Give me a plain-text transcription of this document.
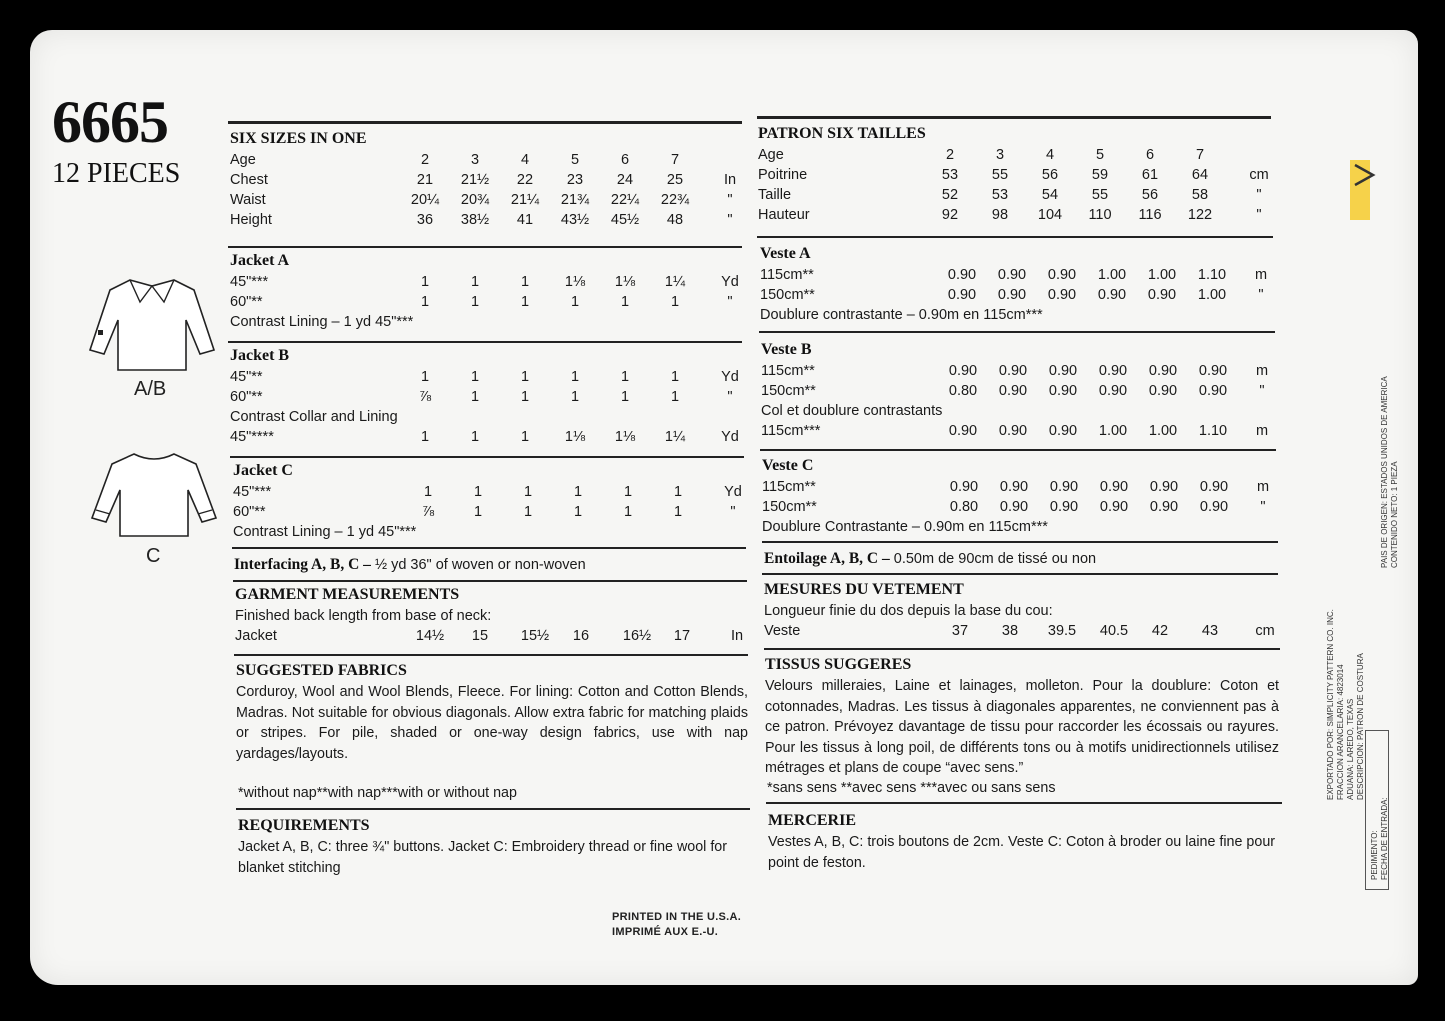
6665
12 PIECES
A/B
C
SIX SIZES IN ONE
Age	2	3	4	5	6	7
Chest	21	21½	22	23	24	25	In
Waist	20¼	20¾	21¼	21¾	22¼	22¾	"
Height	36	38½	41	43½	45½	48	"
Jacket A
45"***	1	1	1	1⅛	1⅛	1¼	Yd
60"**	1	1	1	1	1	1	"
Contrast Lining – 1 yd 45"***
Jacket B
45"**	1	1	1	1	1	1	Yd
60"**	⅞	1	1	1	1	1	"
Contrast Collar and Lining
45"****	1	1	1	1⅛	1⅛	1¼	Yd
Jacket C
45"***	1	1	1	1	1	1	Yd
60"**	⅞	1	1	1	1	1	"
Contrast Lining – 1 yd 45"***
Interfacing A, B, C – ½ yd 36" of woven or non-woven
GARMENT MEASUREMENTS
Finished back length from base of neck:
Jacket	14½	15	15½	16	16½	17	In
SUGGESTED FABRICS
Corduroy, Wool and Wool Blends, Fleece. For lining: Cotton and Cotton Blends, Madras. Not suitable for obvious diagonals. Allow extra fabric for matching plaids or stripes. For pile, shaded or one-way design fabrics, use with nap yardages/layouts.
*without nap**with nap***with or without nap
REQUIREMENTS
Jacket A, B, C: three ¾" buttons. Jacket C: Embroidery thread or fine wool for blanket stitching
PATRON SIX TAILLES
Age	2	3	4	5	6	7
Poitrine	53	55	56	59	61	64	cm
Taille	52	53	54	55	56	58	"
Hauteur	92	98	104	110	116	122	"
Veste A
115cm**	0.90	0.90	0.90	1.00	1.00	1.10	m
150cm**	0.90	0.90	0.90	0.90	0.90	1.00	"
Doublure contrastante – 0.90m en 115cm***
Veste B
115cm**	0.90	0.90	0.90	0.90	0.90	0.90	m
150cm**	0.80	0.90	0.90	0.90	0.90	0.90	"
Col et doublure contrastants
115cm***	0.90	0.90	0.90	1.00	1.00	1.10	m
Veste C
115cm**	0.90	0.90	0.90	0.90	0.90	0.90	m
150cm**	0.80	0.90	0.90	0.90	0.90	0.90	"
Doublure Contrastante – 0.90m en 115cm***
Entoilage A, B, C – 0.50m de 90cm de tissé ou non
MESURES DU VETEMENT
Longueur finie du dos depuis la base du cou:
Veste	37	38	39.5	40.5	42	43	cm
TISSUS SUGGERES
Velours milleraies, Laine et lainages, molleton. Pour la doublure: Coton et cotonnades, Madras. Les tissus à diagonales apparentes, ne conviennent pas à ce patron. Prévoyez davantage de tissu pour raccorder les écossais ou rayures. Pour les tissus à long poil, de différents tons ou à motifs unidirectionnels utilisez métrages et plans de coupe “avec sens.”
*sans sens **avec sens ***avec ou sans sens
MERCERIE
Vestes A, B, C: trois boutons de 2cm. Veste C: Coton à broder ou laine fine pour point de feston.
PRINTED IN THE U.S.A.
IMPRIMÉ AUX E.-U.
EXPORTADO POR: SIMPLICITY PATTERN CO. INC. FRACCION ARANCELARIA: 4823014 ADUANA: LAREDO, TEXAS DESCRIPCION: PATRON DE COSTURA
PAIS DE ORIGEN: ESTADOS UNIDOS DE AMERICA CONTENIDO NETO: 1 PIEZA
PEDIMENTO: FECHA DE ENTRADA:
